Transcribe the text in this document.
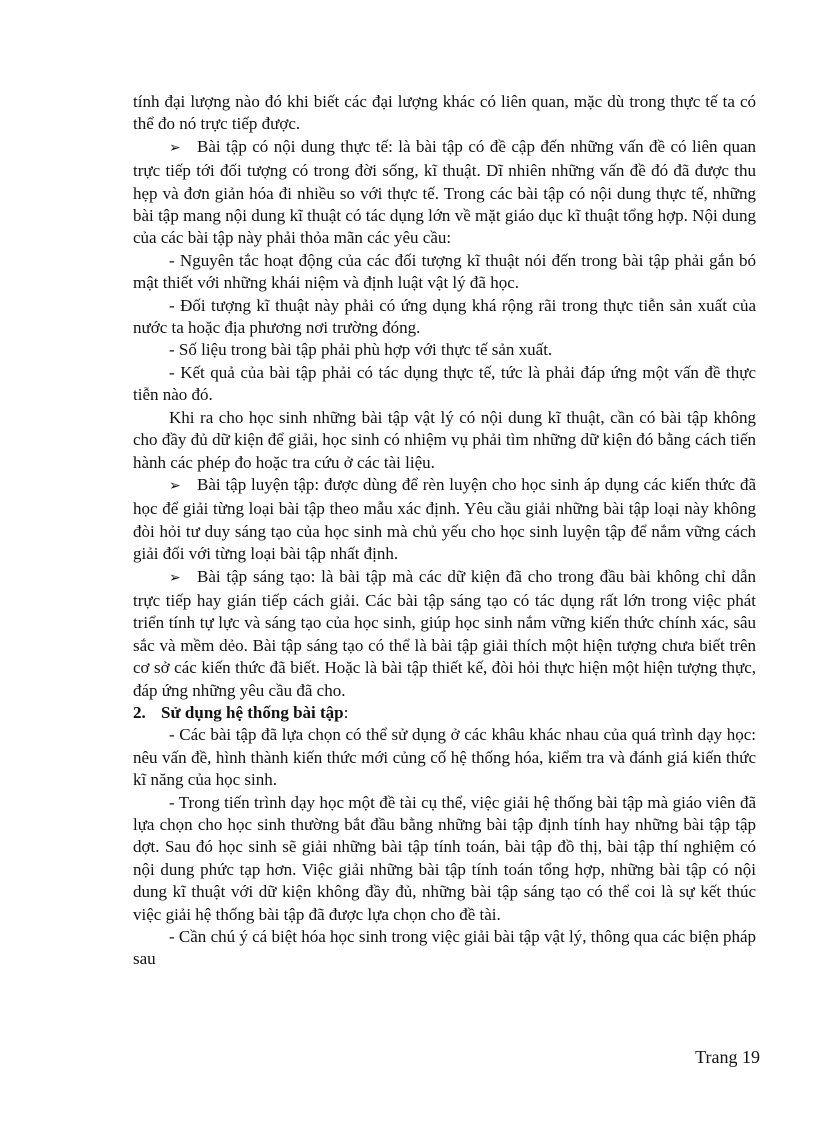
tính đại lượng nào đó khi biết các đại lượng khác có liên quan, mặc dù trong thực tế ta có thể đo nó trực tiếp được.

➢ Bài tập có nội dung thực tế: là bài tập có đề cập đến những vấn đề có liên quan trực tiếp tới đối tượng có trong đời sống, kĩ thuật. Dĩ nhiên những vấn đề đó đã được thu hẹp và đơn giản hóa đi nhiều so với thực tế. Trong các bài tập có nội dung thực tế, những bài tập mang nội dung kĩ thuật có tác dụng lớn về mặt giáo dục kĩ thuật tổng hợp. Nội dung của các bài tập này phải thỏa mãn các yêu cầu:

- Nguyên tắc hoạt động của các đối tượng kĩ thuật nói đến trong bài tập phải gắn bó mật thiết với những khái niệm và định luật vật lý đã học.

- Đối tượng kĩ thuật này phải có ứng dụng khá rộng rãi trong thực tiễn sản xuất của nước ta hoặc địa phương nơi trường đóng.

- Số liệu trong bài tập phải phù hợp với thực tế sản xuất.

- Kết quả của bài tập phải có tác dụng thực tế, tức là phải đáp ứng một vấn đề thực tiễn nào đó.

Khi ra cho học sinh những bài tập vật lý có nội dung kĩ thuật, cần có bài tập không cho đầy đủ dữ kiện để giải, học sinh có nhiệm vụ phải tìm những dữ kiện đó bằng cách tiến hành các phép đo hoặc tra cứu ở các tài liệu.

➢ Bài tập luyện tập: được dùng để rèn luyện cho học sinh áp dụng các kiến thức đã học để giải từng loại bài tập theo mẫu xác định. Yêu cầu giải những bài tập loại này không đòi hỏi tư duy sáng tạo của học sinh mà chủ yếu cho học sinh luyện tập để nắm vững cách giải đối với từng loại bài tập nhất định.

➢ Bài tập sáng tạo: là bài tập mà các dữ kiện đã cho trong đầu bài không chỉ dẫn trực tiếp hay gián tiếp cách giải. Các bài tập sáng tạo có tác dụng rất lớn trong việc phát triển tính tự lực và sáng tạo của học sinh, giúp học sinh nắm vững kiến thức chính xác, sâu sắc và mềm dẻo. Bài tập sáng tạo có thể là bài tập giải thích một hiện tượng chưa biết trên cơ sở các kiến thức đã biết. Hoặc là bài tập thiết kế, đòi hỏi thực hiện một hiện tượng thực, đáp ứng những yêu cầu đã cho.

2. Sử dụng hệ thống bài tập:

- Các bài tập đã lựa chọn có thể sử dụng ở các khâu khác nhau của quá trình dạy học: nêu vấn đề, hình thành kiến thức mới củng cố hệ thống hóa, kiểm tra và đánh giá kiến thức kĩ năng của học sinh.

- Trong tiến trình dạy học một đề tài cụ thể, việc giải hệ thống bài tập mà giáo viên đã lựa chọn cho học sinh thường bắt đầu bằng những bài tập định tính hay những bài tập tập dợt. Sau đó học sinh sẽ giải những bài tập tính toán, bài tập đồ thị, bài tập thí nghiệm có nội dung phức tạp hơn. Việc giải những bài tập tính toán tổng hợp, những bài tập có nội dung kĩ thuật với dữ kiện không đầy đủ, những bài tập sáng tạo có thể coi là sự kết thúc việc giải hệ thống bài tập đã được lựa chọn cho đề tài.

- Cần chú ý cá biệt hóa học sinh trong việc giải bài tập vật lý, thông qua các biện pháp sau

Trang 19
